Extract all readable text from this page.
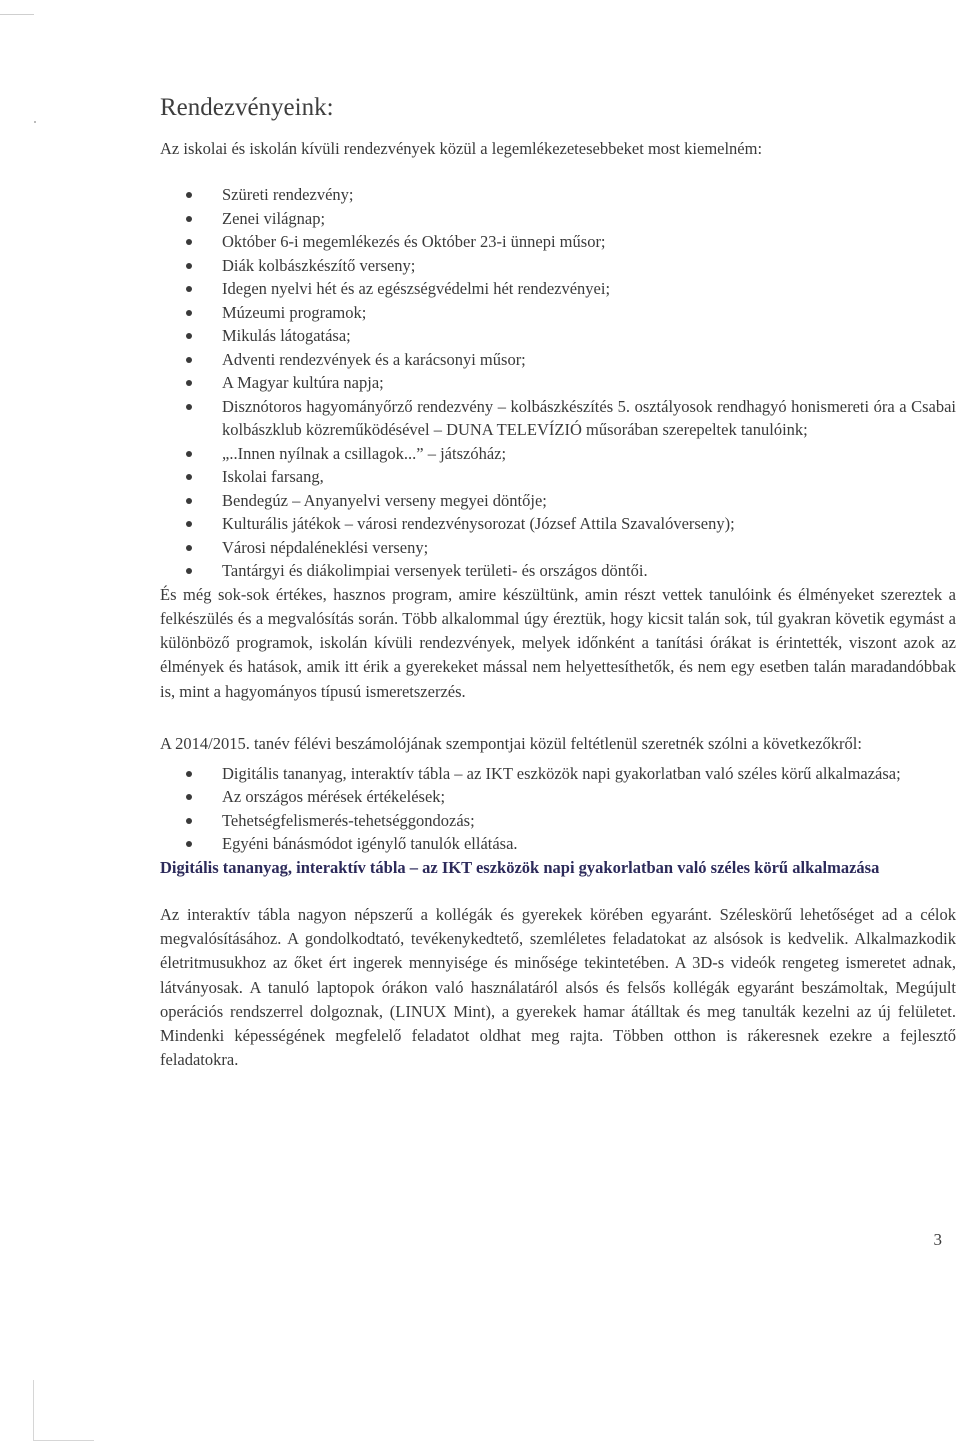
Rendezvényeink:

Az iskolai és iskolán kívüli rendezvények közül a legemlékezetesebbeket most kiemelném:

Szüreti rendezvény;
Zenei világnap;
Október 6-i megemlékezés és Október 23-i ünnepi műsor;
Diák kolbászkészítő verseny;
Idegen nyelvi hét és az egészségvédelmi hét rendezvényei;
Múzeumi programok;
Mikulás látogatása;
Adventi rendezvények és a karácsonyi műsor;
A Magyar kultúra napja;
Disznótoros hagyományőrző rendezvény – kolbászkészítés 5. osztályosok rendhagyó honismereti óra a Csabai kolbászklub közreműködésével – DUNA TELEVÍZIÓ műsorában szerepeltek tanulóink;
„..Innen nyílnak a csillagok...” – játszóház;
Iskolai farsang,
Bendegúz – Anyanyelvi verseny megyei döntője;
Kulturális játékok – városi rendezvénysorozat (József Attila Szavalóverseny);
Városi népdaléneklési verseny;
Tantárgyi és diákolimpiai versenyek területi- és országos döntői.

És még sok-sok értékes, hasznos program, amire készültünk, amin részt vettek tanulóink és élményeket szereztek a felkészülés és a megvalósítás során. Több alkalommal úgy éreztük, hogy kicsit talán sok, túl gyakran követik egymást a különböző programok, iskolán kívüli rendezvények, melyek időnként a tanítási órákat is érintették, viszont azok az élmények és hatások, amik itt érik a gyerekeket mással nem helyettesíthetők, és nem egy esetben talán maradandóbbak is, mint a hagyományos típusú ismeretszerzés.

A 2014/2015. tanév félévi beszámolójának szempontjai közül feltétlenül szeretnék szólni a következőkről:

Digitális tananyag, interaktív tábla – az IKT eszközök napi gyakorlatban való széles körű alkalmazása;
Az országos mérések értékelések;
Tehetségfelismerés-tehetséggondozás;
Egyéni bánásmódot igénylő tanulók ellátása.
Digitális tananyag, interaktív tábla – az IKT eszközök napi gyakorlatban való széles körű alkalmazása

Az interaktív tábla nagyon népszerű a kollégák és gyerekek körében egyaránt. Széleskörű lehetőséget ad a célok megvalósításához. A gondolkodtató, tevékenykedtető, szemléletes feladatokat az alsósok is kedvelik. Alkalmazkodik életritmusukhoz az őket ért ingerek mennyisége és minősége tekintetében. A 3D-s videók rengeteg ismeretet adnak, látványosak. A tanuló laptopok órákon való használatáról alsós és felsős kollégák egyaránt beszámoltak, Megújult operációs rendszerrel dolgoznak, (LINUX Mint), a gyerekek hamar átálltak és meg tanulták kezelni az új felületet. Mindenki képességének megfelelő feladatot oldhat meg rajta. Többen otthon is rákeresnek ezekre a fejlesztő feladatokra.

3
